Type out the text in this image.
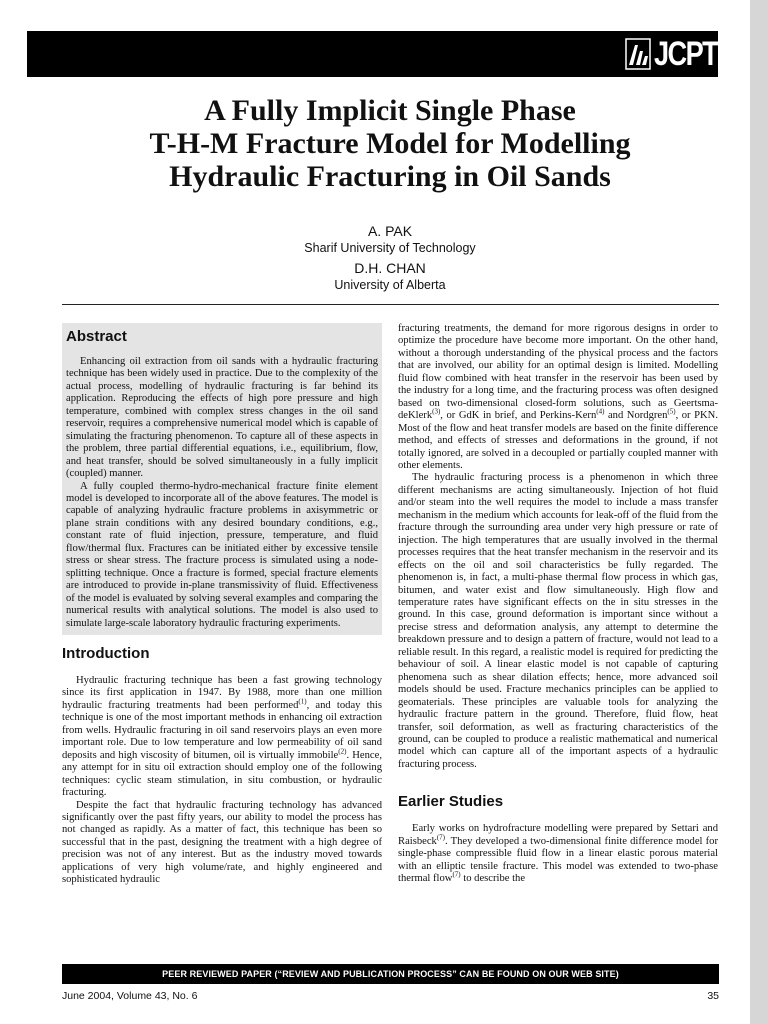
JCPT
A Fully Implicit Single Phase
T-H-M Fracture Model for Modelling
Hydraulic Fracturing in Oil Sands
A. PAK
Sharif University of Technology
D.H. CHAN
University of Alberta
Abstract

Enhancing oil extraction from oil sands with a hydraulic fracturing technique has been widely used in practice. Due to the complexity of the actual process, modelling of hydraulic fracturing is far behind its application. Reproducing the effects of high pore pressure and high temperature, combined with complex stress changes in the oil sand reservoir, requires a comprehensive numerical model which is capable of simulating the fracturing phenomenon. To capture all of these aspects in the problem, three partial differential equations, i.e., equilibrium, flow, and heat transfer, should be solved simultaneously in a fully implicit (coupled) manner.

A fully coupled thermo-hydro-mechanical fracture finite element model is developed to incorporate all of the above features. The model is capable of analyzing hydraulic fracture problems in axisymmetric or plane strain conditions with any desired boundary conditions, e.g., constant rate of fluid injection, pressure, temperature, and fluid flow/thermal flux. Fractures can be initiated either by excessive tensile stress or shear stress. The fracture process is simulated using a node-splitting technique. Once a fracture is formed, special fracture elements are introduced to provide in-plane transmissivity of fluid. Effectiveness of the model is evaluated by solving several examples and comparing the numerical results with analytical solutions. The model is also used to simulate large-scale laboratory hydraulic fracturing experiments.

Introduction

Hydraulic fracturing technique has been a fast growing technology since its first application in 1947. By 1988, more than one million hydraulic fracturing treatments had been performed$^{(1)}$, and today this technique is one of the most important methods in enhancing oil extraction from wells. Hydraulic fracturing in oil sand reservoirs plays an even more important role. Due to low temperature and low permeability of oil sand deposits and high viscosity of bitumen, oil is virtually immobile$^{(2)}$. Hence, any attempt for in situ oil extraction should employ one of the following techniques: cyclic steam stimulation, in situ combustion, or hydraulic fracturing.

Despite the fact that hydraulic fracturing technology has advanced significantly over the past fifty years, our ability to model the process has not changed as rapidly. As a matter of fact, this technique has been so successful that in the past, designing the treatment with a high degree of precision was not of any interest. But as the industry moved towards applications of very high volume/rate, and highly engineered and sophisticated hydraulic

fracturing treatments, the demand for more rigorous designs in order to optimize the procedure have become more important. On the other hand, without a thorough understanding of the physical process and the factors that are involved, our ability for an optimal design is limited. Modelling fluid flow combined with heat transfer in the reservoir has been used by the industry for a long time, and the fracturing process was often designed based on two-dimensional closed-form solutions, such as Geertsma-deKlerk$^{(3)}$, or GdK in brief, and Perkins-Kern$^{(4)}$ and Nordgren$^{(5)}$, or PKN. Most of the flow and heat transfer models are based on the finite difference method, and effects of stresses and deformations in the ground, if not totally ignored, are solved in a decoupled or partially coupled manner with other elements.

The hydraulic fracturing process is a phenomenon in which three different mechanisms are acting simultaneously. Injection of hot fluid and/or steam into the well requires the model to include a mass transfer mechanism in the medium which accounts for leak-off of the fluid from the fracture through the surrounding area under very high pressure or rate of injection. The high temperatures that are usually involved in the thermal processes requires that the heat transfer mechanism in the reservoir and its effects on the oil and soil characteristics be fully regarded. The phenomenon is, in fact, a multi-phase thermal flow process in which gas, bitumen, and water exist and flow simultaneously. High flow and temperature rates have significant effects on the in situ stresses in the ground. In this case, ground deformation is important since without a precise stress and deformation analysis, any attempt to determine the breakdown pressure and to design a pattern of fracture, would not lead to a reliable result. In this regard, a realistic model is required for predicting the behaviour of soil. A linear elastic model is not capable of capturing phenomena such as shear dilation effects; hence, more advanced soil models should be used. Fracture mechanics principles can be applied to geomaterials. These principles are valuable tools for analyzing the hydraulic fracture pattern in the ground. Therefore, fluid flow, heat transfer, soil deformation, as well as fracturing characteristics of the ground, can be coupled to produce a realistic mathematical and numerical model which can capture all of the important aspects of a hydraulic fracturing process.

Earlier Studies

Early works on hydrofracture modelling were prepared by Settari and Raisbeck$^{(7)}$. They developed a two-dimensional finite difference model for single-phase compressible fluid flow in a linear elastic porous material with an elliptic tensile fracture. This model was extended to two-phase thermal flow$^{(7)}$ to describe the

PEER REVIEWED PAPER (“REVIEW AND PUBLICATION PROCESS” CAN BE FOUND ON OUR WEB SITE)
June 2004, Volume 43, No. 6	35
